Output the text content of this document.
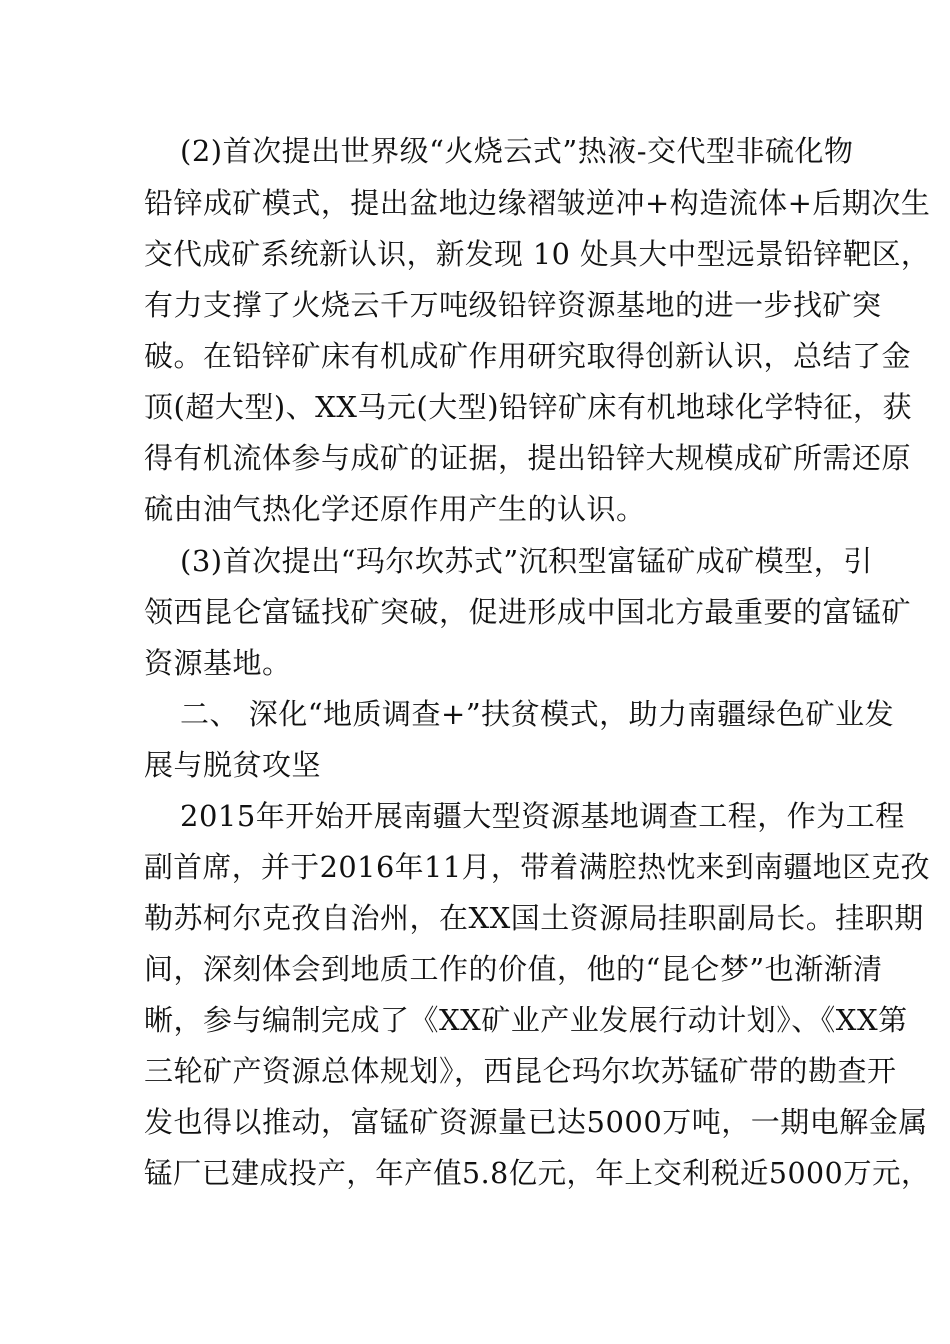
(2)首次提出世界级“火烧云式”热液-交代型非硫化物
铅锌成矿模式，提出盆地边缘褶皱逆冲+构造流体+后期次生
交代成矿系统新认识，新发现 10 处具大中型远景铅锌靶区，
有力支撑了火烧云千万吨级铅锌资源基地的进一步找矿突
破。在铅锌矿床有机成矿作用研究取得创新认识，总结了金
顶(超大型)、XX马元(大型)铅锌矿床有机地球化学特征，获
得有机流体参与成矿的证据，提出铅锌大规模成矿所需还原
硫由油气热化学还原作用产生的认识。
(3)首次提出“玛尔坎苏式”沉积型富锰矿成矿模型，引
领西昆仑富锰找矿突破，促进形成中国北方最重要的富锰矿
资源基地。
二、 深化“地质调查+”扶贫模式，助力南疆绿色矿业发
展与脱贫攻坚
2015年开始开展南疆大型资源基地调查工程，作为工程
副首席，并于2016年11月，带着满腔热忱来到南疆地区克孜
勒苏柯尔克孜自治州，在XX国土资源局挂职副局长。挂职期
间，深刻体会到地质工作的价值，他的“昆仑梦”也渐渐清
晰，参与编制完成了《XX矿业产业发展行动计划》、《XX第
三轮矿产资源总体规划》，西昆仑玛尔坎苏锰矿带的勘查开
发也得以推动，富锰矿资源量已达5000万吨，一期电解金属
锰厂已建成投产，年产值5.8亿元，年上交利税近5000万元，
